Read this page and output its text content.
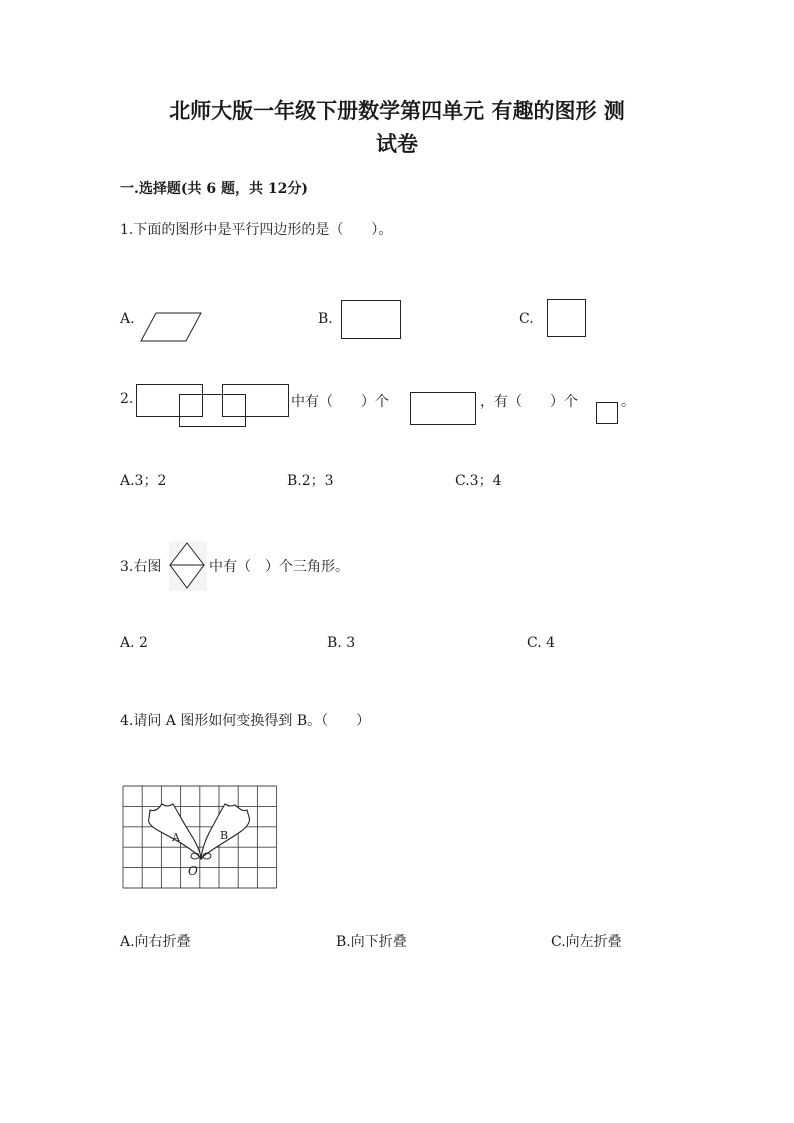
北师大版一年级下册数学第四单元 有趣的图形 测
试卷
一.选择题(共 6 题，共 12分)
1.下面的图形中是平行四边形的是（　　）。
A.	B.	C.
2.	中有（　　）个	，有（　　）个	。
A.3；2	B.2；3	C.3；4
3.右图	中有（　）个三角形。
A. 2	B. 3	C. 4
4.请问 A 图形如何变换得到 B。（　　）
A	B
O
A.向右折叠	B.向下折叠	C.向左折叠
